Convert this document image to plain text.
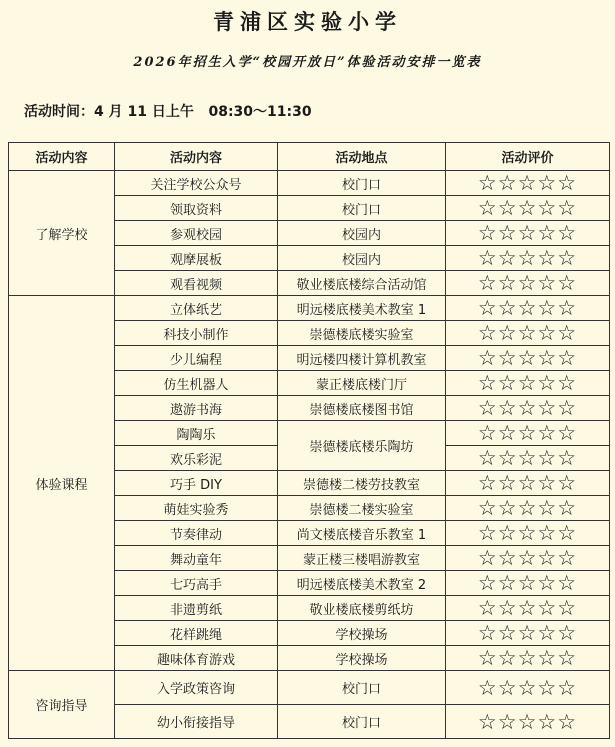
青浦区实验小学
2026年招生入学“校园开放日”体验活动安排一览表
活动时间：4 月 11 日上午   08:30～11:30
活动内容	活动内容	活动地点	活动评价
了解学校	关注学校公众号	校门口	☆☆☆☆☆
	领取资料	校门口	☆☆☆☆☆
	参观校园	校园内	☆☆☆☆☆
	观摩展板	校园内	☆☆☆☆☆
	观看视频	敬业楼底楼综合活动馆	☆☆☆☆☆
体验课程	立体纸艺	明远楼底楼美术教室 1	☆☆☆☆☆
	科技小制作	崇德楼底楼实验室	☆☆☆☆☆
	少儿编程	明远楼四楼计算机教室	☆☆☆☆☆
	仿生机器人	蒙正楼底楼门厅	☆☆☆☆☆
	遨游书海	崇德楼底楼图书馆	☆☆☆☆☆
	陶陶乐	崇德楼底楼乐陶坊	☆☆☆☆☆
	欢乐彩泥		☆☆☆☆☆
	巧手 DIY	崇德楼二楼劳技教室	☆☆☆☆☆
	萌娃实验秀	崇德楼二楼实验室	☆☆☆☆☆
	节奏律动	尚文楼底楼音乐教室 1	☆☆☆☆☆
	舞动童年	蒙正楼三楼唱游教室	☆☆☆☆☆
	七巧高手	明远楼底楼美术教室 2	☆☆☆☆☆
	非遗剪纸	敬业楼底楼剪纸坊	☆☆☆☆☆
	花样跳绳	学校操场	☆☆☆☆☆
	趣味体育游戏	学校操场	☆☆☆☆☆
咨询指导	入学政策咨询	校门口	☆☆☆☆☆
	幼小衔接指导	校门口	☆☆☆☆☆
